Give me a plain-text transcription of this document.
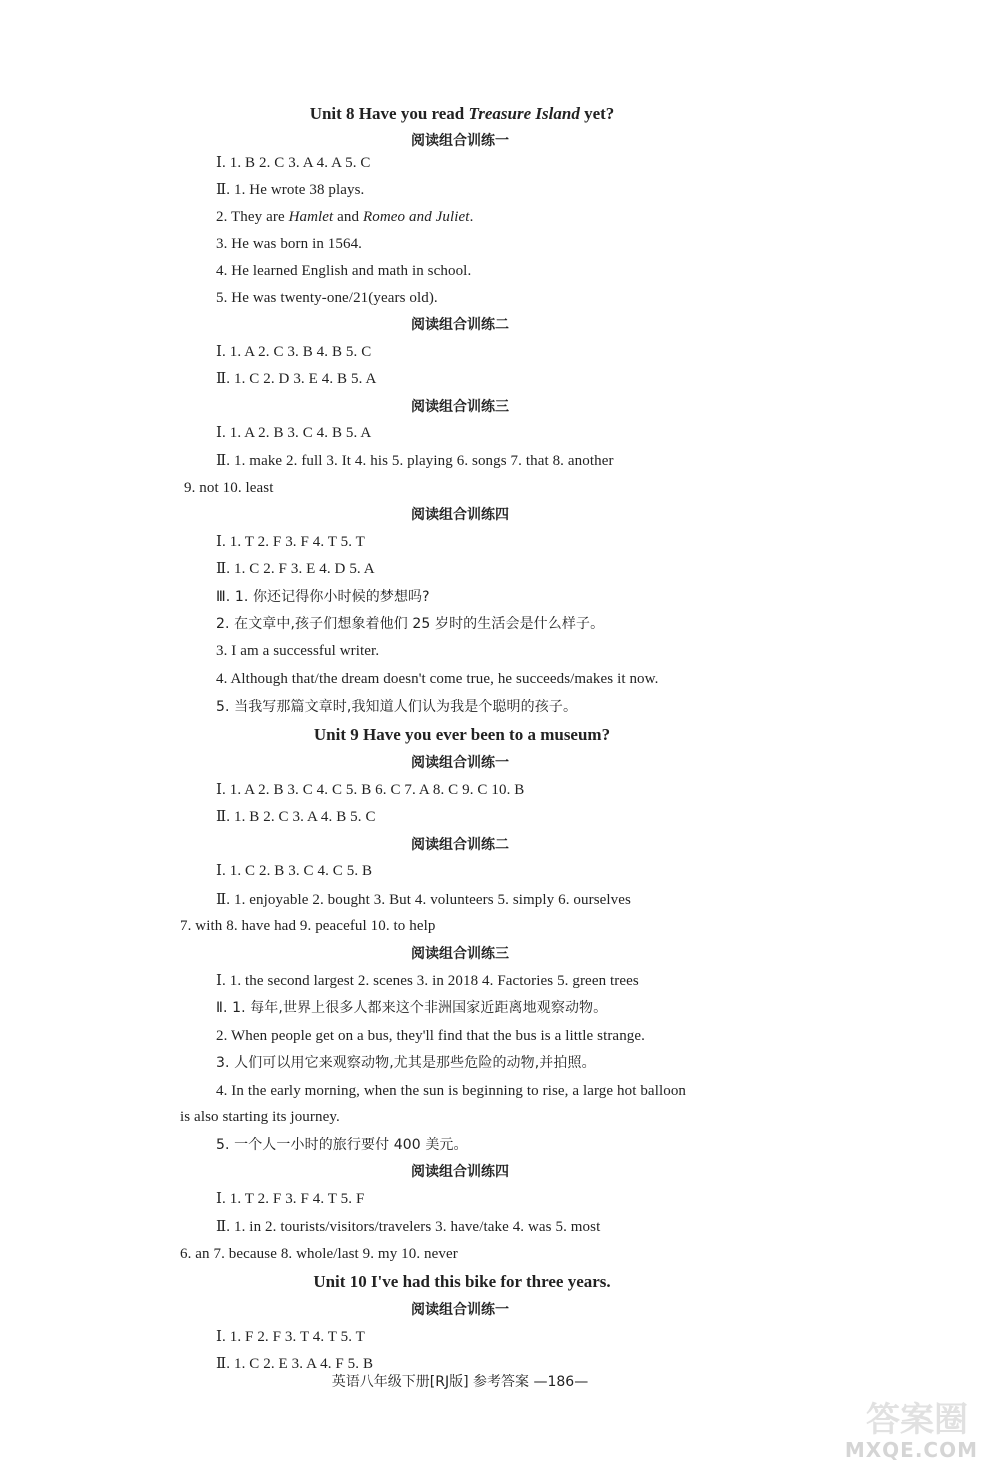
Unit 8 Have you read Treasure Island yet?
阅读组合训练一
Ⅰ. 1. B 2. C 3. A 4. A 5. C
Ⅱ. 1. He wrote 38 plays.
2. They are Hamlet and Romeo and Juliet.
3. He was born in 1564.
4. He learned English and math in school.
5. He was twenty-one/21(years old).
阅读组合训练二
Ⅰ. 1. A 2. C 3. B 4. B 5. C
Ⅱ. 1. C 2. D 3. E 4. B 5. A
阅读组合训练三
Ⅰ. 1. A 2. B 3. C 4. B 5. A
Ⅱ. 1. make 2. full 3. It 4. his 5. playing 6. songs 7. that 8. another
9. not 10. least
阅读组合训练四
Ⅰ. 1. T 2. F 3. F 4. T 5. T
Ⅱ. 1. C 2. F 3. E 4. D 5. A
Ⅲ. 1. 你还记得你小时候的梦想吗?
2. 在文章中,孩子们想象着他们 25 岁时的生活会是什么样子。
3. I am a successful writer.
4. Although that/the dream doesn't come true, he succeeds/makes it now.
5. 当我写那篇文章时,我知道人们认为我是个聪明的孩子。
Unit 9 Have you ever been to a museum?
阅读组合训练一
Ⅰ. 1. A 2. B 3. C 4. C 5. B 6. C 7. A 8. C 9. C 10. B
Ⅱ. 1. B 2. C 3. A 4. B 5. C
阅读组合训练二
Ⅰ. 1. C 2. B 3. C 4. C 5. B
Ⅱ. 1. enjoyable 2. bought 3. But 4. volunteers 5. simply 6. ourselves
7. with 8. have had 9. peaceful 10. to help
阅读组合训练三
Ⅰ. 1. the second largest 2. scenes 3. in 2018 4. Factories 5. green trees
Ⅱ. 1. 每年,世界上很多人都来这个非洲国家近距离地观察动物。
2. When people get on a bus, they'll find that the bus is a little strange.
3. 人们可以用它来观察动物,尤其是那些危险的动物,并拍照。
4. In the early morning, when the sun is beginning to rise, a large hot balloon
is also starting its journey.
5. 一个人一小时的旅行要付 400 美元。
阅读组合训练四
Ⅰ. 1. T 2. F 3. F 4. T 5. F
Ⅱ. 1. in 2. tourists/visitors/travelers 3. have/take 4. was 5. most
6. an 7. because 8. whole/last 9. my 10. never
Unit 10 I've had this bike for three years.
阅读组合训练一
Ⅰ. 1. F 2. F 3. T 4. T 5. T
Ⅱ. 1. C 2. E 3. A 4. F 5. B
英语八年级下册[RJ版] 参考答案 —186—
答案圈
MXQE.COM
